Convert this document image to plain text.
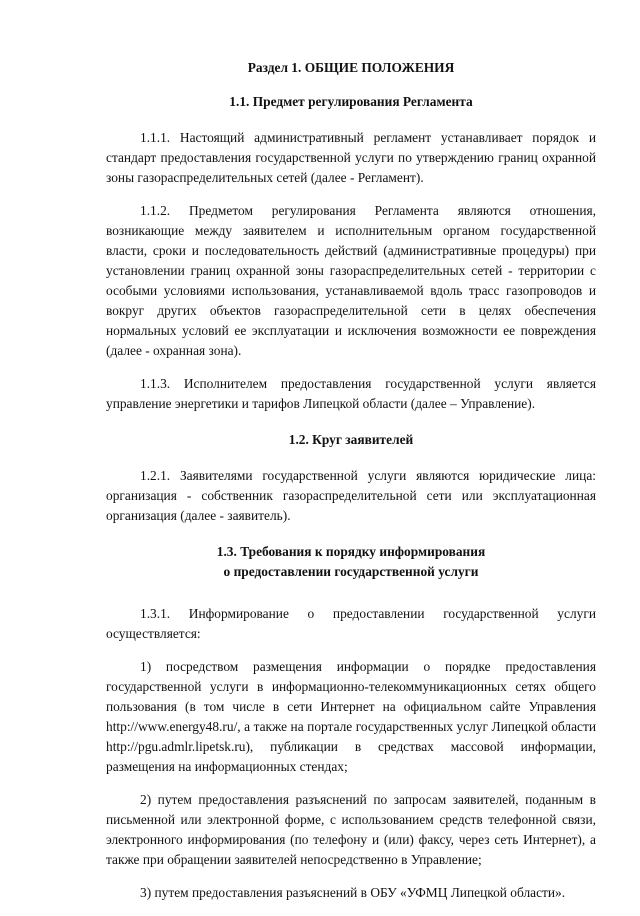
Раздел 1. ОБЩИЕ ПОЛОЖЕНИЯ

1.1. Предмет регулирования Регламента

1.1.1. Настоящий административный регламент устанавливает порядок и стандарт предоставления государственной услуги по утверждению границ охранной зоны газораспределительных сетей (далее - Регламент).

1.1.2. Предметом регулирования Регламента являются отношения, возникающие между заявителем и исполнительным органом государственной власти, сроки и последовательность действий (административные процедуры) при установлении границ охранной зоны газораспределительных сетей - территории с особыми условиями использования, устанавливаемой вдоль трасс газопроводов и вокруг других объектов газораспределительной сети в целях обеспечения нормальных условий ее эксплуатации и исключения возможности ее повреждения (далее - охранная зона).

1.1.3. Исполнителем предоставления государственной услуги является управление энергетики и тарифов Липецкой области (далее – Управление).

1.2. Круг заявителей

1.2.1. Заявителями государственной услуги являются юридические лица: организация - собственник газораспределительной сети или эксплуатационная организация (далее - заявитель).

1.3. Требования к порядку информирования

о предоставлении государственной услуги

1.3.1. Информирование о предоставлении государственной услуги осуществляется:

1) посредством размещения информации о порядке предоставления государственной услуги в информационно-телекоммуникационных сетях общего пользования (в том числе в сети Интернет на официальном сайте Управления http://www.energy48.ru/, а также на портале государственных услуг Липецкой области http://pgu.admlr.lipetsk.ru), публикации в средствах массовой информации, размещения на информационных стендах;

2) путем предоставления разъяснений по запросам заявителей, поданным в письменной или электронной форме, с использованием средств телефонной связи, электронного информирования (по телефону и (или) факсу, через сеть Интернет), а также при обращении заявителей непосредственно в Управление;

3) путем предоставления разъяснений в ОБУ «УФМЦ Липецкой области».
